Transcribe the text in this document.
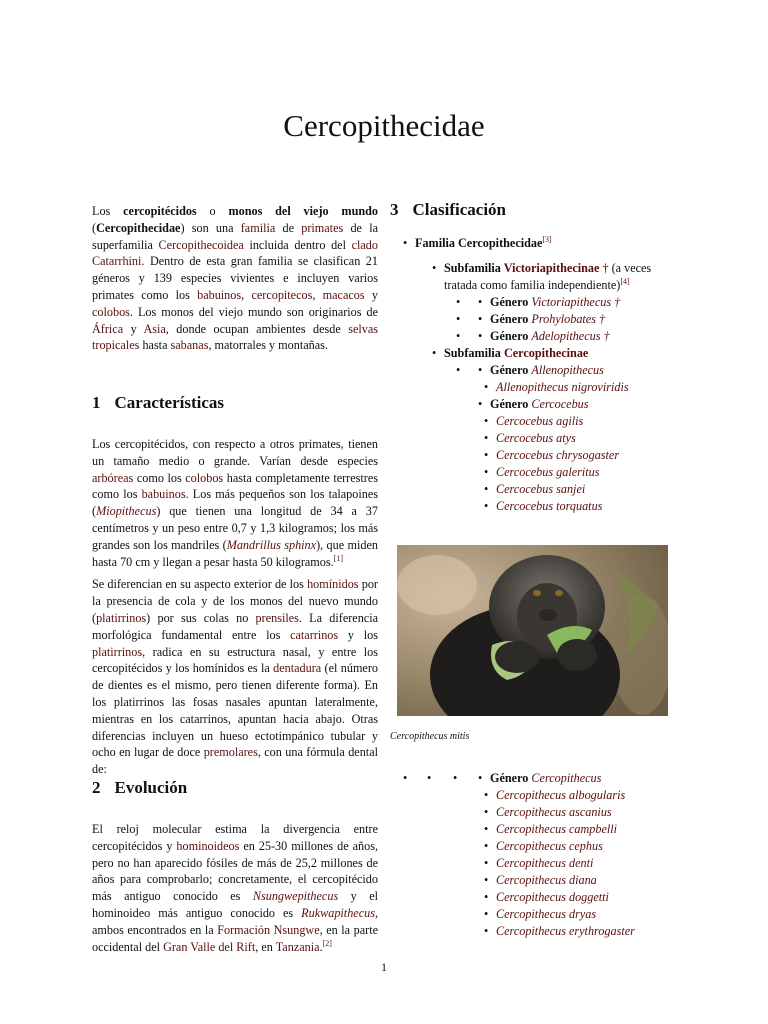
Cercopithecidae

Los cercopitécidos o monos del viejo mundo (Cercopithecidae) son una familia de primates de la superfamilia Cercopithecoidea incluida dentro del clado Catarrhini. Dentro de esta gran familia se clasifican 21 géneros y 139 especies vivientes e incluyen varios primates como los babuinos, cercopitecos, macacos y colobos. Los monos del viejo mundo son originarios de África y Asia, donde ocupan ambientes desde selvas tropicales hasta sabanas, matorrales y montañas.

1 Características

Los cercopitécidos, con respecto a otros primates, tienen un tamaño medio o grande. Varían desde especies arbóreas como los colobos hasta completamente terrestres como los babuinos. Los más pequeños son los talapoines (Miopithecus) que tienen una longitud de 34 a 37 centímetros y un peso entre 0,7 y 1,3 kilogramos; los más grandes son los mandriles (Mandrillus sphinx), que miden hasta 70 cm y llegan a pesar hasta 50 kilogramos.[1]

Se diferencian en su aspecto exterior de los homínidos por la presencia de cola y de los monos del nuevo mundo (platirrinos) por sus colas no prensiles. La diferencia morfológica fundamental entre los catarrinos y los platirrinos, radica en su estructura nasal, y entre los cercopitécidos y los homínidos es la dentadura (el número de dientes es el mismo, pero tienen diferente forma). En los platirrinos las fosas nasales apuntan lateralmente, mientras en los catarrinos, apuntan hacia abajo. Otras diferencias incluyen un hueso ectotimpánico tubular y ocho en lugar de doce premolares, con una fórmula dental de:

2 Evolución

El reloj molecular estima la divergencia entre cercopitécidos y hominoideos en 25-30 millones de años, pero no han aparecido fósiles de más de 25,2 millones de años para comprobarlo; concretamente, el cercopitécido más antiguo conocido es Nsungwepithecus y el hominoideo más antiguo conocido es Rukwapithecus, ambos encontrados en la Formación Nsungwe, en la parte occidental del Gran Valle del Rift, en Tanzania.[2]

3 Clasificación
• Familia Cercopithecidae[3]
• Subfamilia Victoriapithecinae † (a veces tratada como familia independiente)[4]
• • Género Victoriapithecus †
• • Género Prohylobates †
• • Género Adelopithecus †
• Subfamilia Cercopithecinae
• • Género Allenopithecus
• Allenopithecus nigroviridis
• Género Cercocebus
• Cercocebus agilis
• Cercocebus atys
• Cercocebus chrysogaster
• Cercocebus galeritus
• Cercocebus sanjei
• Cercocebus torquatus
Cercopithecus mitis
• • • • Género Cercopithecus
• Cercopithecus albogularis
• Cercopithecus ascanius
• Cercopithecus campbelli
• Cercopithecus cephus
• Cercopithecus denti
• Cercopithecus diana
• Cercopithecus doggetti
• Cercopithecus dryas
• Cercopithecus erythrogaster
1
